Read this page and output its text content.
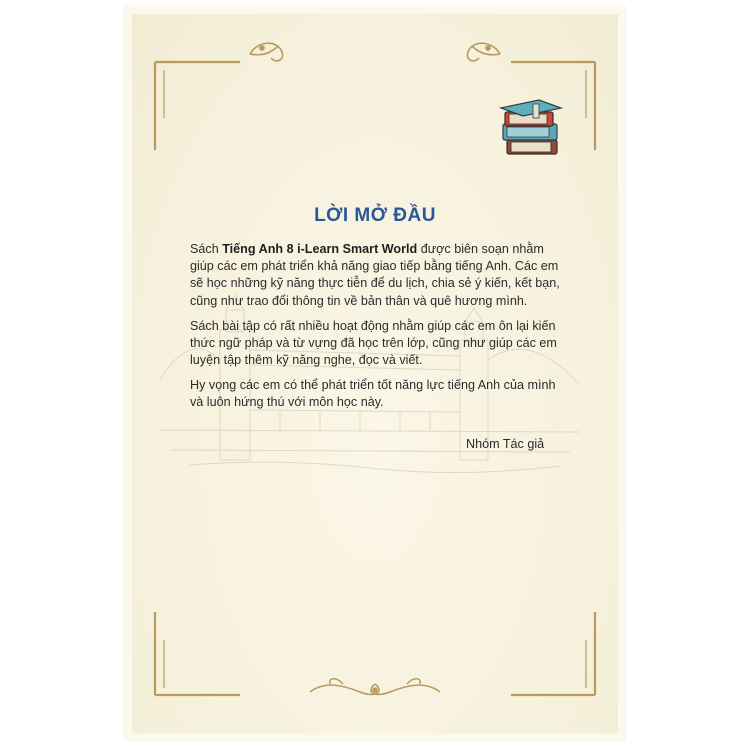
LỜI MỞ ĐẦU

Sách Tiếng Anh 8 i-Learn Smart World được biên soạn nhằm giúp các em phát triển khả năng giao tiếp bằng tiếng Anh. Các em sẽ học những kỹ năng thực tiễn để du lịch, chia sẻ ý kiến, kết bạn, cũng như trao đổi thông tin về bản thân và quê hương mình.

Sách bài tập có rất nhiều hoạt động nhằm giúp các em ôn lại kiến thức ngữ pháp và từ vựng đã học trên lớp, cũng như giúp các em luyện tập thêm kỹ năng nghe, đọc và viết.

Hy vọng các em có thể phát triển tốt năng lực tiếng Anh của mình và luôn hứng thú với môn học này.

Nhóm Tác giả
